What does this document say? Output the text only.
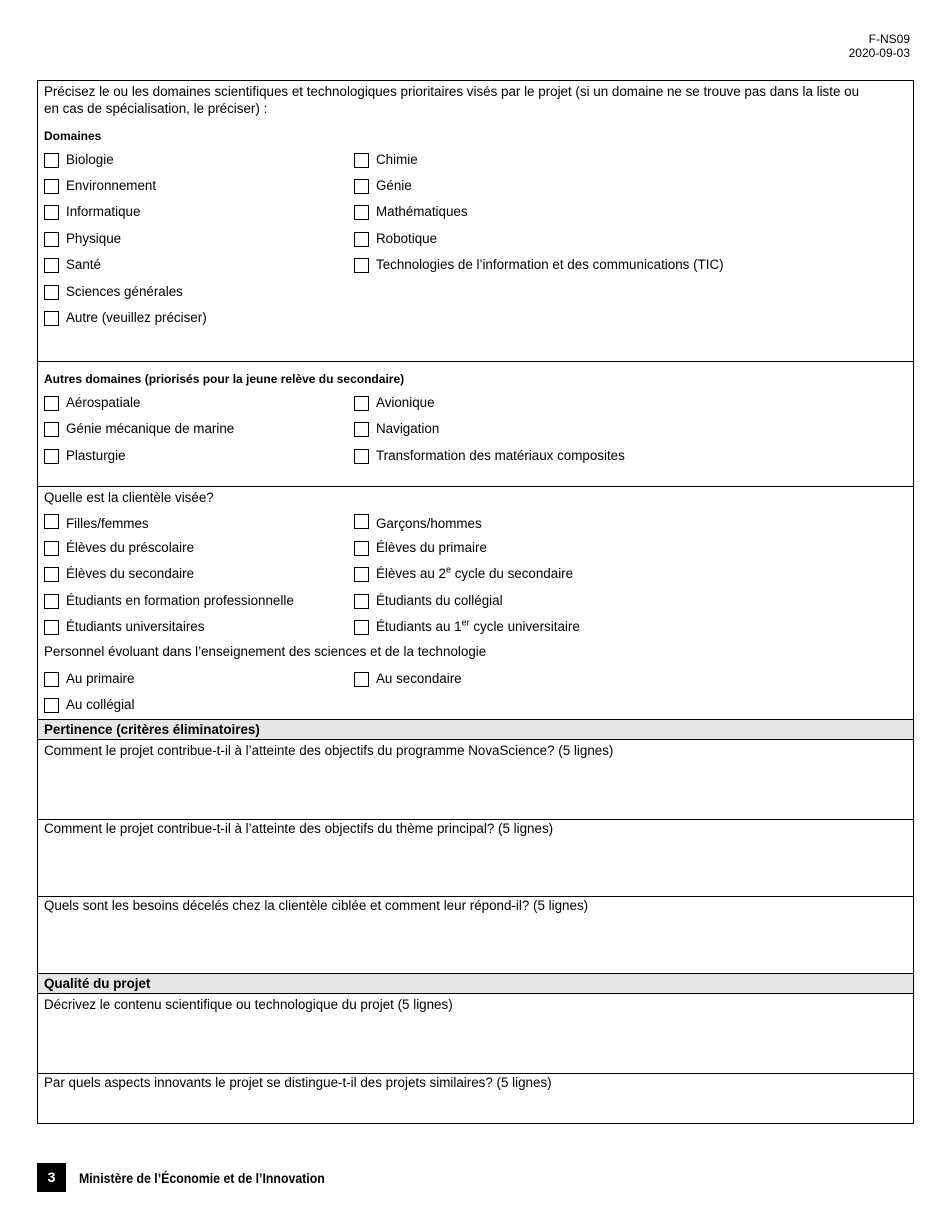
F-NS09
2020-09-03
Précisez le ou les domaines scientifiques et technologiques prioritaires visés par le projet (si un domaine ne se trouve pas dans la liste ou
en cas de spécialisation, le préciser) :
Domaines
Biologie
Environnement
Informatique
Physique
Santé
Sciences générales
Autre (veuillez préciser)
Chimie
Génie
Mathématiques
Robotique
Technologies de l’information et des communications (TIC)
Autres domaines (priorisés pour la jeune relève du secondaire)
Aérospatiale
Génie mécanique de marine
Plasturgie
Avionique
Navigation
Transformation des matériaux composites
Quelle est la clientèle visée?
Filles/femmes
Élèves du préscolaire
Élèves du secondaire
Étudiants en formation professionnelle
Étudiants universitaires
Garçons/hommes
Élèves du primaire
Élèves au 2e cycle du secondaire
Étudiants du collégial
Étudiants au 1er cycle universitaire
Personnel évoluant dans l’enseignement des sciences et de la technologie
Au primaire
Au collégial
Au secondaire
Pertinence (critères éliminatoires)
Comment le projet contribue-t-il à l’atteinte des objectifs du programme NovaScience? (5 lignes)
Comment le projet contribue-t-il à l’atteinte des objectifs du thème principal? (5 lignes)
Quels sont les besoins décelés chez la clientèle ciblée et comment leur répond-il? (5 lignes)
Qualité du projet
Décrivez le contenu scientifique ou technologique du projet (5 lignes)
Par quels aspects innovants le projet se distingue-t-il des projets similaires? (5 lignes)
3	Ministère de l’Économie et de l’Innovation
